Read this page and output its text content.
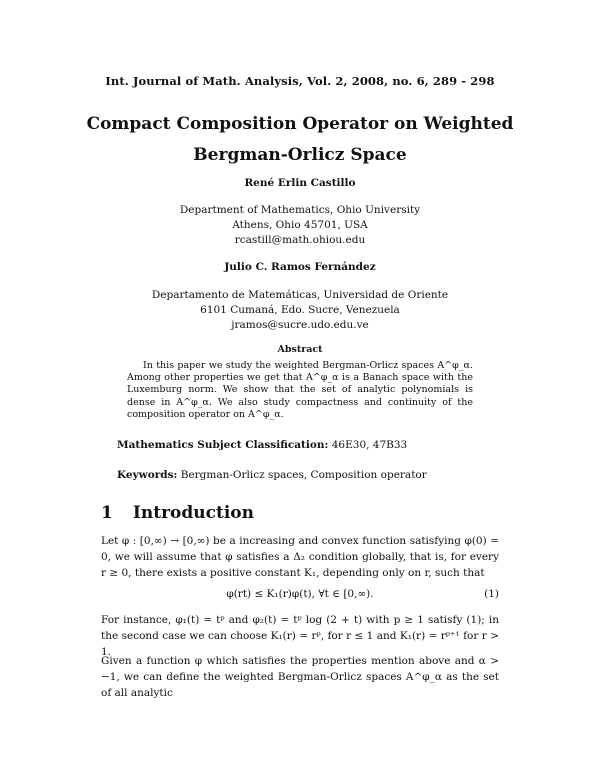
Int. Journal of Math. Analysis, Vol. 2, 2008, no. 6, 289 - 298
Compact Composition Operator on Weighted
Bergman-Orlicz Space
René Erlin Castillo
Department of Mathematics, Ohio University
Athens, Ohio 45701, USA
rcastill@math.ohiou.edu
Julio C. Ramos Fernández
Departamento de Matemáticas, Universidad de Oriente
6101 Cumaná, Edo. Sucre, Venezuela
jramos@sucre.udo.edu.ve
Abstract

In this paper we study the weighted Bergman-Orlicz spaces A^φ_α. Among other properties we get that A^φ_α is a Banach space with the Luxemburg norm. We show that the set of analytic polynomials is dense in A^φ_α. We also study compactness and continuity of the composition operator on A^φ_α.

Mathematics Subject Classification: 46E30, 47B33
Keywords: Bergman-Orlicz spaces, Composition operator
1 Introduction

Let φ : [0,∞) → [0,∞) be a increasing and convex function satisfying φ(0) = 0, we will assume that φ satisfies a Δ₂ condition globally, that is, for every r ≥ 0, there exists a positive constant K₁, depending only on r, such that

φ(rt) ≤ K₁(r)φ(t), ∀t ∈ [0,∞).	(1)

For instance, φ₁(t) = tᵖ and φ₂(t) = tᵖ log (2 + t) with p ≥ 1 satisfy (1); in the second case we can choose K₁(r) = rᵖ, for r ≤ 1 and K₁(r) = rᵖ⁺¹ for r > 1.

Given a function φ which satisfies the properties mention above and α > −1, we can define the weighted Bergman-Orlicz spaces A^φ_α as the set of all analytic
